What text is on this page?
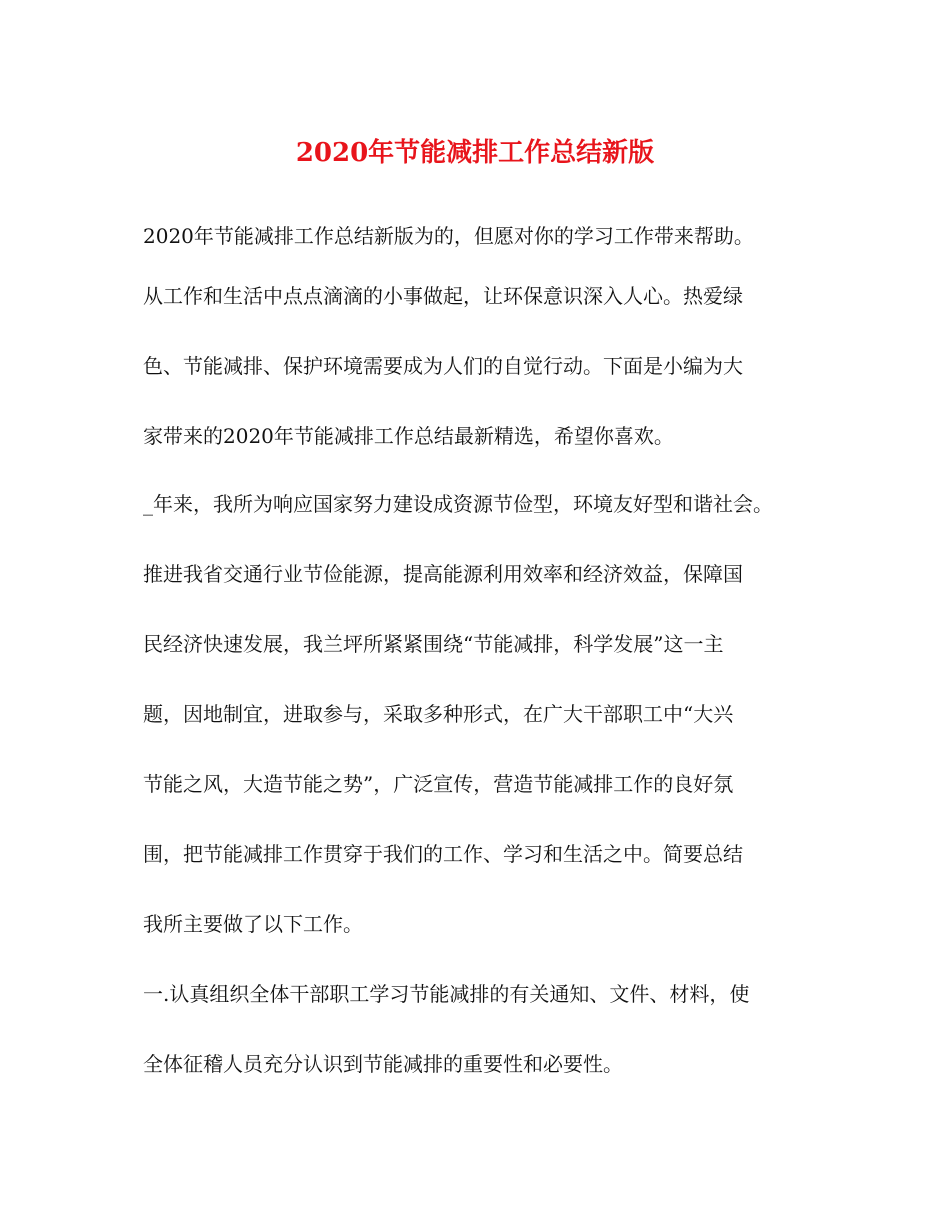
2020年节能减排工作总结新版
2020年节能减排工作总结新版为的，但愿对你的学习工作带来帮助。
从工作和生活中点点滴滴的小事做起，让环保意识深入人心。热爱绿
色、节能减排、保护环境需要成为人们的自觉行动。下面是小编为大
家带来的2020年节能减排工作总结最新精选，希望你喜欢。
_年来，我所为响应国家努力建设成资源节俭型，环境友好型和谐社会。
推进我省交通行业节俭能源，提高能源利用效率和经济效益，保障国
民经济快速发展，我兰坪所紧紧围绕“节能减排，科学发展”这一主
题，因地制宜，进取参与，采取多种形式，在广大干部职工中“大兴
节能之风，大造节能之势”，广泛宣传，营造节能减排工作的良好氛
围，把节能减排工作贯穿于我们的工作、学习和生活之中。简要总结
我所主要做了以下工作。
一.认真组织全体干部职工学习节能减排的有关通知、文件、材料，使
全体征稽人员充分认识到节能减排的重要性和必要性。
